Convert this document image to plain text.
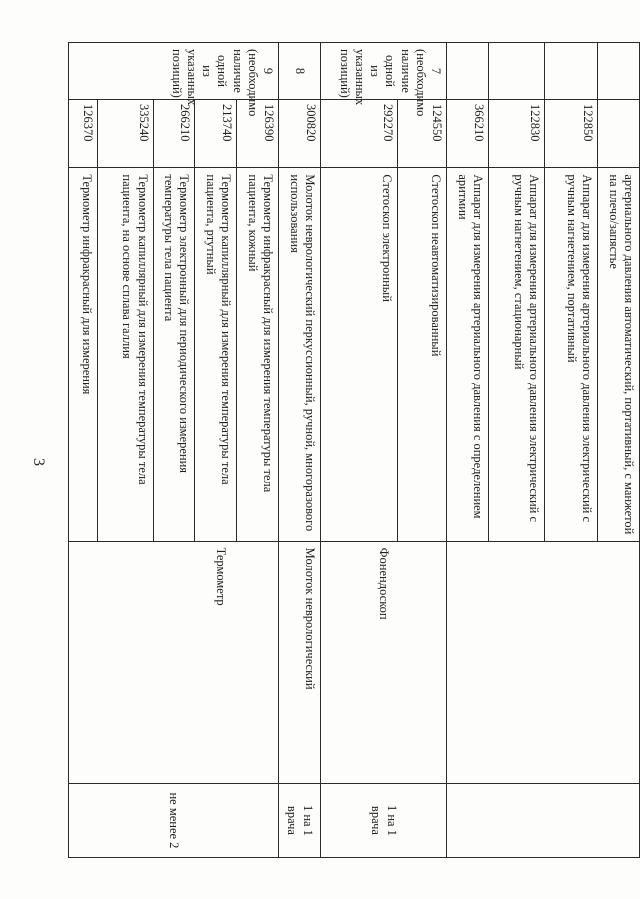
3
			артериального давления автоматический, портативный, с манжетой на плечо/запястье		
	122850	Аппарат для измерения артериального давления электрический с ручным нагнетением, портативный		
	122830	Аппарат для измерения артериального давления электрический с ручным нагнетением, стационарный		
	366210	Аппарат для измерения артериального давления с определением аритмии		
7 (необходимо наличие одной из указанных позиций)	124550	Стетоскоп неавтоматизированный	Фонендоскоп	1 на 1 врача
	292270	Стетоскоп электронный		
8	300820	Молоток неврологический перкуссионный, ручной, многоразового использования	Молоток неврологический	1 на 1 врача
9 (необходимо наличие одной из указанных позиций)	126390	Термометр инфракрасный для измерения температуры тела пациента, кожный	Термометр	не менее 2
	213740	Термометр капиллярный для измерения температуры тела пациента, ртутный		
	266210	Термометр электронный для периодического измерения температуры тела пациента		
	335240	Термометр капиллярный для измерения температуры тела пациента, на основе сплава галлия		
	126370	Термометр инфракрасный для измерения		
